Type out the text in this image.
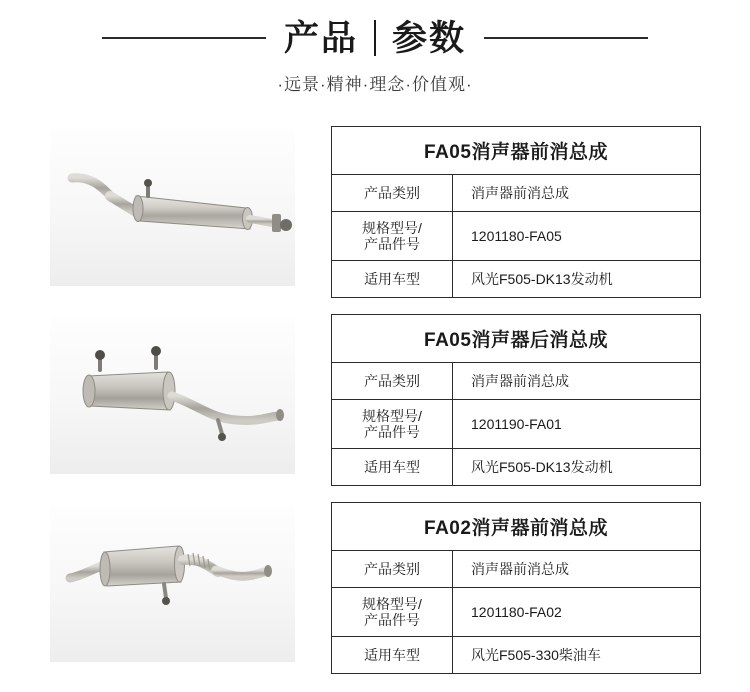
产品 参数
·远景·精神·理念·价值观·
FA05消声器前消总成	
产品类别	消声器前消总成

规格型号/
产品件号	1201180-FA05
适用车型	风光F505-DK13发动机
FA05消声器后消总成	
产品类别	消声器前消总成

规格型号/
产品件号	1201190-FA01
适用车型	风光F505-DK13发动机
FA02消声器前消总成	
产品类别	消声器前消总成

规格型号/
产品件号	1201180-FA02
适用车型	风光F505-330柴油车
